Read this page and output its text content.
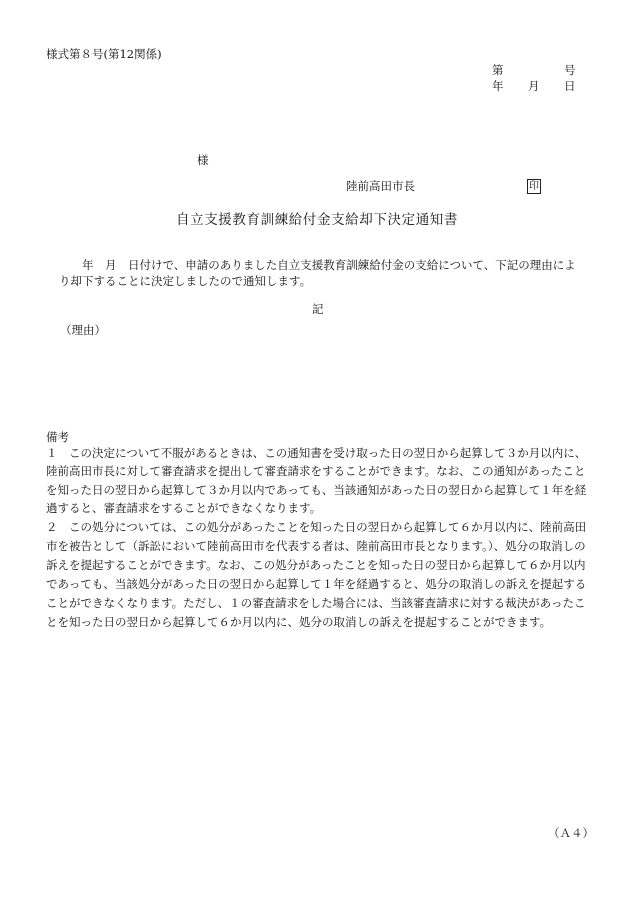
様式第８号(第12関係)
第	号
年 月 日
様
陸前高田市長	印
自立支援教育訓練給付金支給却下決定通知書
　　年　月　日付けで、申請のありました自立支援教育訓練給付金の支給について、下記の理由によ
り却下することに決定しましたので通知します。
記
（理由）
備考
１　この決定について不服があるときは、この通知書を受け取った日の翌日から起算して３か月以内に、
陸前高田市長に対して審査請求を提出して審査請求をすることができます。なお、この通知があったこと
を知った日の翌日から起算して３か月以内であっても、当該通知があった日の翌日から起算して１年を経
過すると、審査請求をすることができなくなります。
２　この処分については、この処分があったことを知った日の翌日から起算して６か月以内に、陸前高田
市を被告として（訴訟において陸前高田市を代表する者は、陸前高田市長となります。）、処分の取消しの
訴えを提起することができます。なお、この処分があったことを知った日の翌日から起算して６か月以内
であっても、当該処分があった日の翌日から起算して１年を経過すると、処分の取消しの訴えを提起する
ことができなくなります。ただし、１の審査請求をした場合には、当該審査請求に対する裁決があったこ
とを知った日の翌日から起算して６か月以内に、処分の取消しの訴えを提起することができます。
（Ａ４）
